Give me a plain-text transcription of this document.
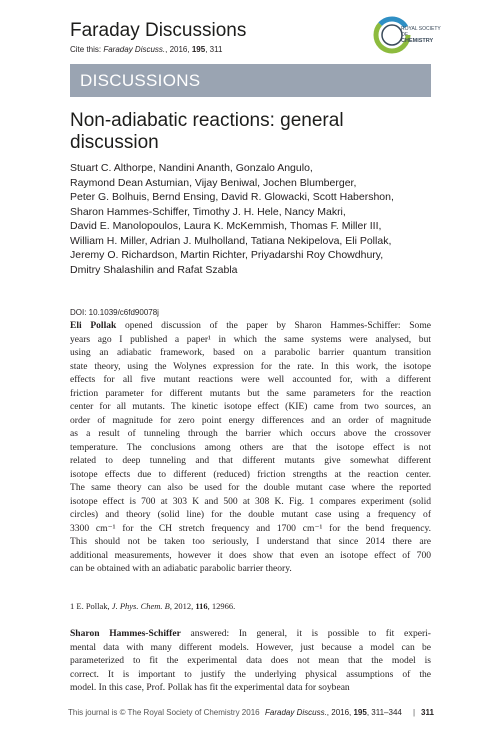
Faraday Discussions
Cite this: Faraday Discuss., 2016, 195, 311
ROYAL SOCIETY
OF
CHEMISTRY
DISCUSSIONS
Non-adiabatic reactions: general
discussion
Stuart C. Althorpe, Nandini Ananth, Gonzalo Angulo,
Raymond Dean Astumian, Vijay Beniwal, Jochen Blumberger,
Peter G. Bolhuis, Bernd Ensing, David R. Glowacki, Scott Habershon,
Sharon Hammes-Schiffer, Timothy J. H. Hele, Nancy Makri,
David E. Manolopoulos, Laura K. McKemmish, Thomas F. Miller III,
William H. Miller, Adrian J. Mulholland, Tatiana Nekipelova, Eli Pollak,
Jeremy O. Richardson, Martin Richter, Priyadarshi Roy Chowdhury,
Dmitry Shalashilin and Rafat Szabla
DOI: 10.1039/c6fd90078j
Eli Pollak opened discussion of the paper by Sharon Hammes-Schiffer: Some
years ago I published a paper¹ in which the same systems were analysed, but
using an adiabatic framework, based on a parabolic barrier quantum transition
state theory, using the Wolynes expression for the rate. In this work, the isotope
effects for all five mutant reactions were well accounted for, with a different
friction parameter for different mutants but the same parameters for the reaction
center for all mutants. The kinetic isotope effect (KIE) came from two sources, an
order of magnitude for zero point energy differences and an order of magnitude
as a result of tunneling through the barrier which occurs above the crossover
temperature. The conclusions among others are that the isotope effect is not
related to deep tunneling and that different mutants give somewhat different
isotope effects due to different (reduced) friction strengths at the reaction center.
The same theory can also be used for the double mutant case where the reported
isotope effect is 700 at 303 K and 500 at 308 K. Fig. 1 compares experiment (solid
circles) and theory (solid line) for the double mutant case using a frequency of
3300 cm⁻¹ for the CH stretch frequency and 1700 cm⁻¹ for the bend frequency.
This should not be taken too seriously, I understand that since 2014 there are
additional measurements, however it does show that even an isotope effect of 700
can be obtained with an adiabatic parabolic barrier theory.
1 E. Pollak, J. Phys. Chem. B, 2012, 116, 12966.
Sharon Hammes-Schiffer answered: In general, it is possible to fit experi-
mental data with many different models. However, just because a model can be
parameterized to fit the experimental data does not mean that the model is
correct. It is important to justify the underlying physical assumptions of the
model. In this case, Prof. Pollak has fit the experimental data for soybean
This journal is © The Royal Society of Chemistry 2016 Faraday Discuss., 2016, 195, 311–344 | 311
